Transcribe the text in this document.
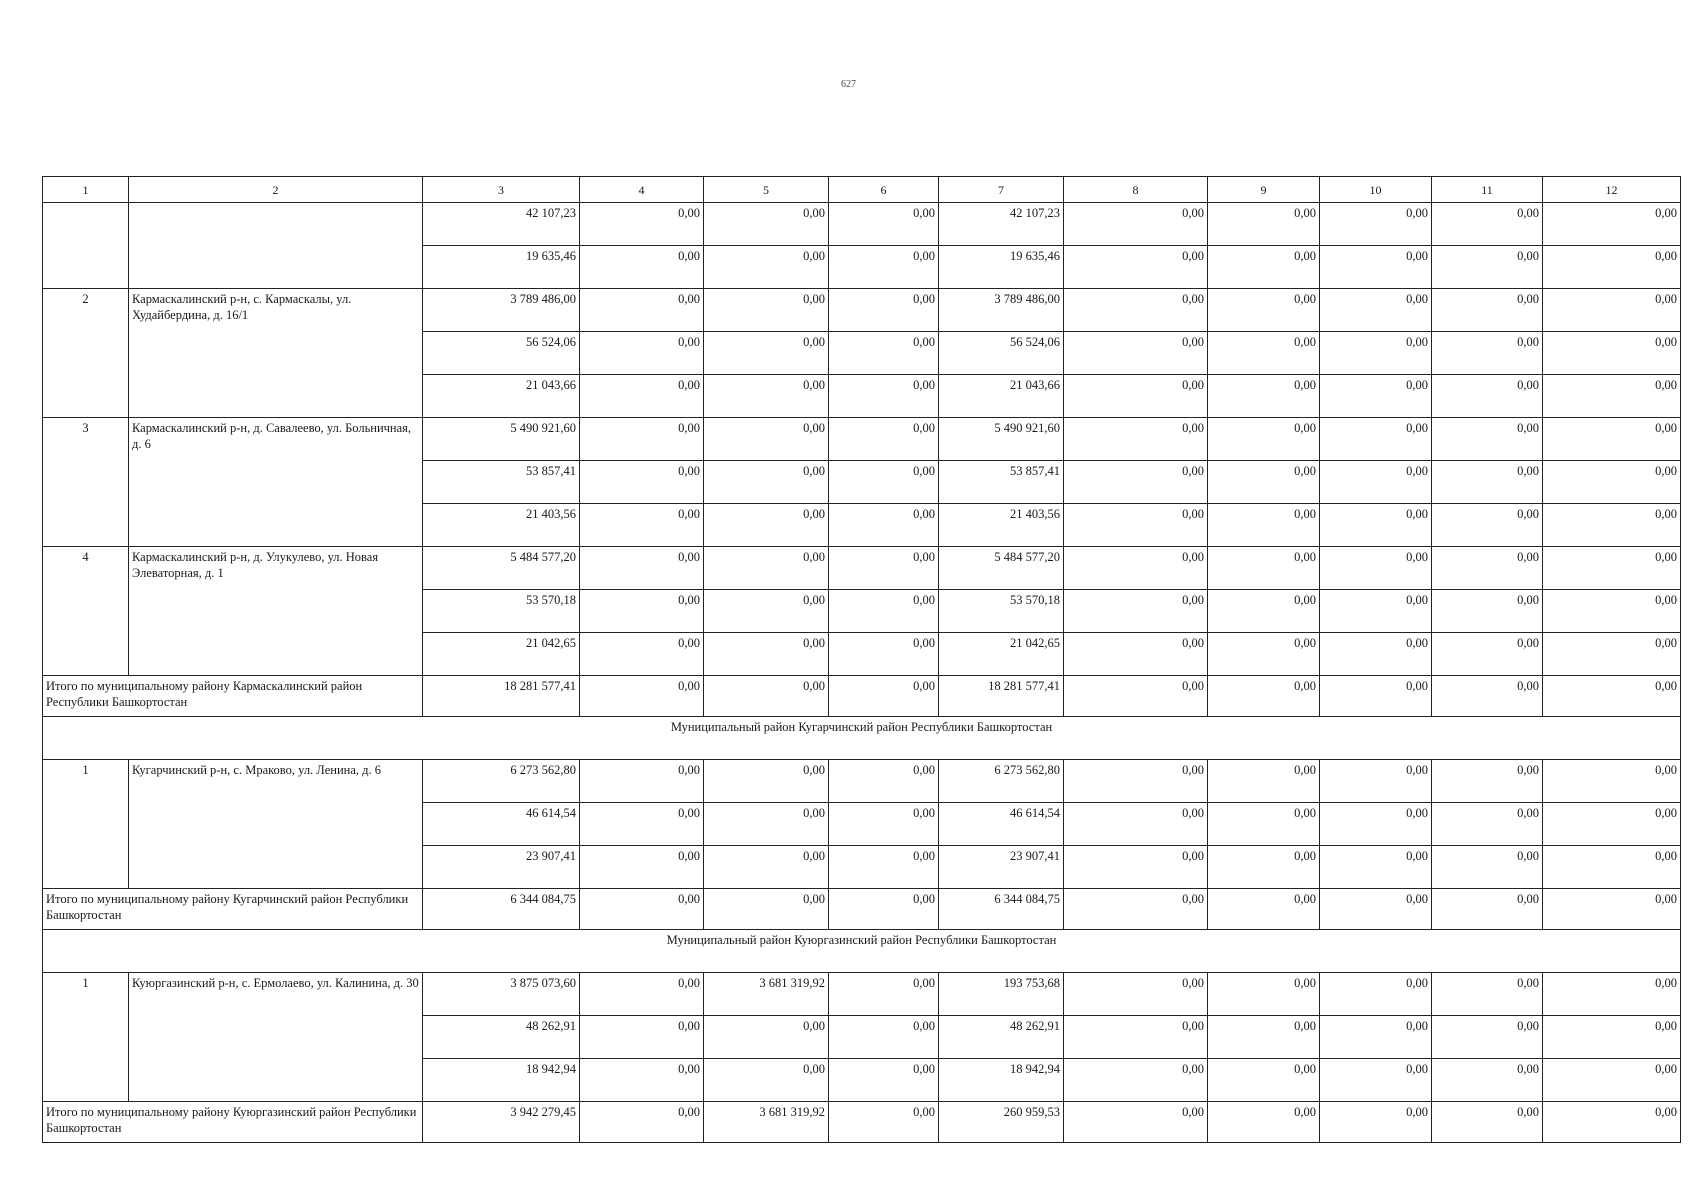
627
1	2	3	4	5	6	7	8	9	10	11	12
		42 107,23	0,00	0,00	0,00	42 107,23	0,00	0,00	0,00	0,00	0,00
		19 635,46	0,00	0,00	0,00	19 635,46	0,00	0,00	0,00	0,00	0,00
2	Кармаскалинский р-н, с. Кармаскалы, ул. Худайбердина, д. 16/1	3 789 486,00	0,00	0,00	0,00	3 789 486,00	0,00	0,00	0,00	0,00	0,00
		56 524,06	0,00	0,00	0,00	56 524,06	0,00	0,00	0,00	0,00	0,00
		21 043,66	0,00	0,00	0,00	21 043,66	0,00	0,00	0,00	0,00	0,00
3	Кармаскалинский р-н, д. Савалеево, ул. Больничная, д. 6	5 490 921,60	0,00	0,00	0,00	5 490 921,60	0,00	0,00	0,00	0,00	0,00
		53 857,41	0,00	0,00	0,00	53 857,41	0,00	0,00	0,00	0,00	0,00
		21 403,56	0,00	0,00	0,00	21 403,56	0,00	0,00	0,00	0,00	0,00
4	Кармаскалинский р-н, д. Улукулево, ул. Новая Элеваторная, д. 1	5 484 577,20	0,00	0,00	0,00	5 484 577,20	0,00	0,00	0,00	0,00	0,00
		53 570,18	0,00	0,00	0,00	53 570,18	0,00	0,00	0,00	0,00	0,00
		21 042,65	0,00	0,00	0,00	21 042,65	0,00	0,00	0,00	0,00	0,00
Итого по муниципальному району Кармаскалинский район Республики Башкортостан		18 281 577,41	0,00	0,00	0,00	18 281 577,41	0,00	0,00	0,00	0,00	0,00
Муниципальный район Кугарчинский район Республики Башкортостан											
1	Кугарчинский р-н, с. Мраково, ул. Ленина, д. 6	6 273 562,80	0,00	0,00	0,00	6 273 562,80	0,00	0,00	0,00	0,00	0,00
		46 614,54	0,00	0,00	0,00	46 614,54	0,00	0,00	0,00	0,00	0,00
		23 907,41	0,00	0,00	0,00	23 907,41	0,00	0,00	0,00	0,00	0,00
Итого по муниципальному району Кугарчинский район Республики Башкортостан		6 344 084,75	0,00	0,00	0,00	6 344 084,75	0,00	0,00	0,00	0,00	0,00
Муниципальный район Куюргазинский район Республики Башкортостан											
1	Куюргазинский р-н, с. Ермолаево, ул. Калинина, д. 30	3 875 073,60	0,00	3 681 319,92	0,00	193 753,68	0,00	0,00	0,00	0,00	0,00
		48 262,91	0,00	0,00	0,00	48 262,91	0,00	0,00	0,00	0,00	0,00
		18 942,94	0,00	0,00	0,00	18 942,94	0,00	0,00	0,00	0,00	0,00
Итого по муниципальному району Куюргазинский район Республики Башкортостан		3 942 279,45	0,00	3 681 319,92	0,00	260 959,53	0,00	0,00	0,00	0,00	0,00
